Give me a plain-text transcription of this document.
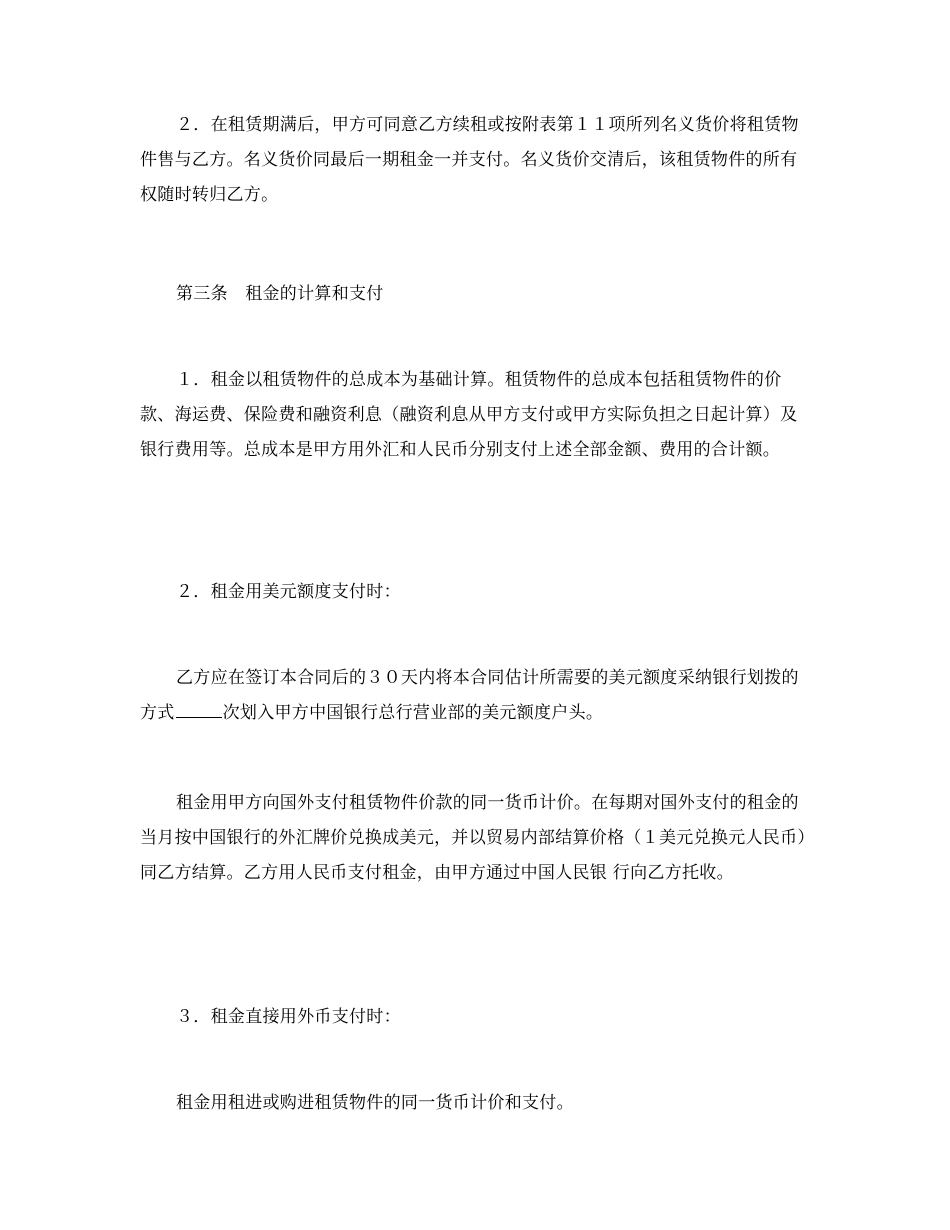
２．在租赁期满后，甲方可同意乙方续租或按附表第１１项所列名义货价将租赁物件售与乙方。名义货价同最后一期租金一并支付。名义货价交清后，该租赁物件的所有权随时转归乙方。

第三条　租金的计算和支付

１．租金以租赁物件的总成本为基础计算。租赁物件的总成本包括租赁物件的价款、海运费、保险费和融资利息（融资利息从甲方支付或甲方实际负担之日起计算）及银行费用等。总成本是甲方用外汇和人民币分别支付上述全部金额、费用的合计额。

２．租金用美元额度支付时：

乙方应在签订本合同后的３０天内将本合同估计所需要的美元额度采纳银行划拨的方式	次划入甲方中国银行总行营业部的美元额度户头。

租金用甲方向国外支付租赁物件价款的同一货币计价。在每期对国外支付的租金的当月按中国银行的外汇牌价兑换成美元，并以贸易内部结算价格（１美元兑换元人民币）同乙方结算。乙方用人民币支付租金，由甲方通过中国人民银 行向乙方托收。

３．租金直接用外币支付时：

租金用租进或购进租赁物件的同一货币计价和支付。
